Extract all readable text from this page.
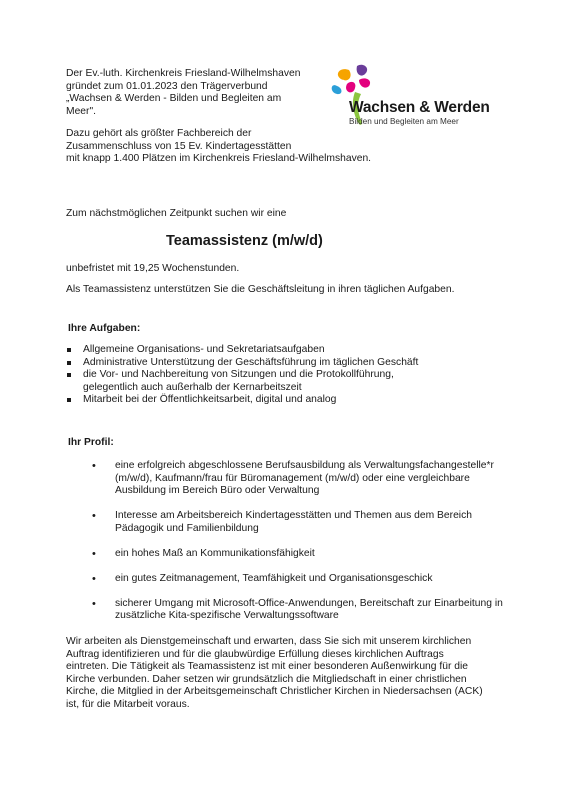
Der Ev.-luth. Kirchenkreis Friesland-Wilhelmshaven
gründet zum 01.01.2023 den Trägerverbund
„Wachsen & Werden - Bilden und Begleiten am
Meer".
Dazu gehört als größter Fachbereich der
Zusammenschluss von 15 Ev. Kindertagesstätten
mit knapp 1.400 Plätzen im Kirchenkreis Friesland-Wilhelmshaven.
Wachsen & Werden
Bilden und Begleiten am Meer
Zum nächstmöglichen Zeitpunkt suchen wir eine
Teamassistenz (m/w/d)
unbefristet mit 19,25 Wochenstunden.
Als Teamassistenz unterstützen Sie die Geschäftsleitung in ihren täglichen Aufgaben.
Ihre Aufgaben:
Allgemeine Organisations- und Sekretariatsaufgaben
Administrative Unterstützung der Geschäftsführung im täglichen Geschäft
die Vor- und Nachbereitung von Sitzungen und die Protokollführung,
gelegentlich auch außerhalb der Kernarbeitszeit
Mitarbeit bei der Öffentlichkeitsarbeit, digital und analog
Ihr Profil:
• eine erfolgreich abgeschlossene Berufsausbildung als Verwaltungsfachangestelle*r
(m/w/d), Kaufmann/frau für Büromanagement (m/w/d) oder eine vergleichbare
Ausbildung im Bereich Büro oder Verwaltung
• Interesse am Arbeitsbereich Kindertagesstätten und Themen aus dem Bereich
Pädagogik und Familienbildung
• ein hohes Maß an Kommunikationsfähigkeit
• ein gutes Zeitmanagement, Teamfähigkeit und Organisationsgeschick
• sicherer Umgang mit Microsoft-Office-Anwendungen, Bereitschaft zur Einarbeitung in
zusätzliche Kita-spezifische Verwaltungssoftware
Wir arbeiten als Dienstgemeinschaft und erwarten, dass Sie sich mit unserem kirchlichen
Auftrag identifizieren und für die glaubwürdige Erfüllung dieses kirchlichen Auftrags
eintreten. Die Tätigkeit als Teamassistenz ist mit einer besonderen Außenwirkung für die
Kirche verbunden. Daher setzen wir grundsätzlich die Mitgliedschaft in einer christlichen
Kirche, die Mitglied in der Arbeitsgemeinschaft Christlicher Kirchen in Niedersachsen (ACK)
ist, für die Mitarbeit voraus.
